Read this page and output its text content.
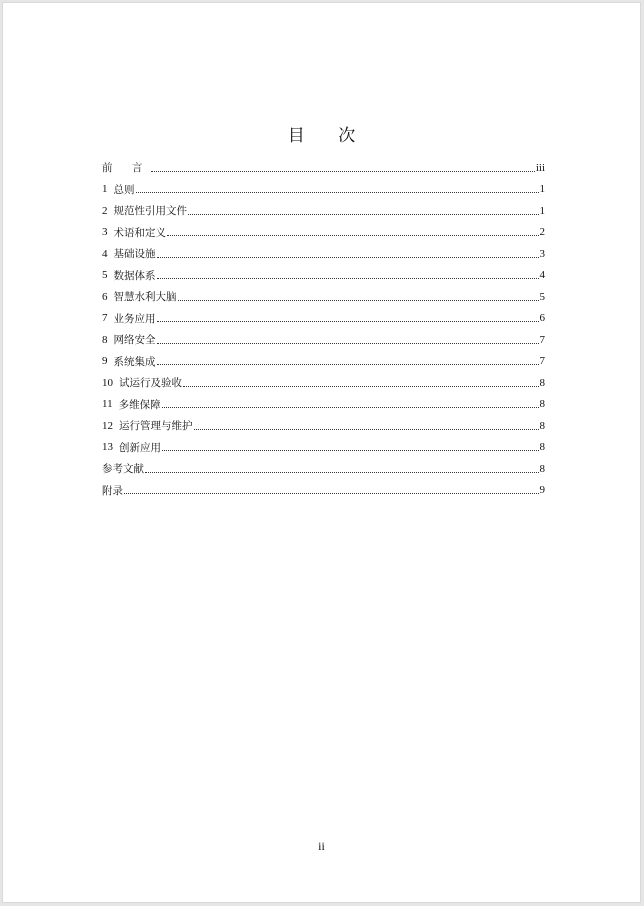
目 次
前 言	iii
1 总则	1
2 规范性引用文件	1
3 术语和定义	2
4 基础设施	3
5 数据体系	4
6 智慧水利大脑	5
7 业务应用	6
8 网络安全	7
9 系统集成	7
10 试运行及验收	8
11 多维保障	8
12 运行管理与维护	8
13 创新应用	8
参考文献	8
附录	9
ii
